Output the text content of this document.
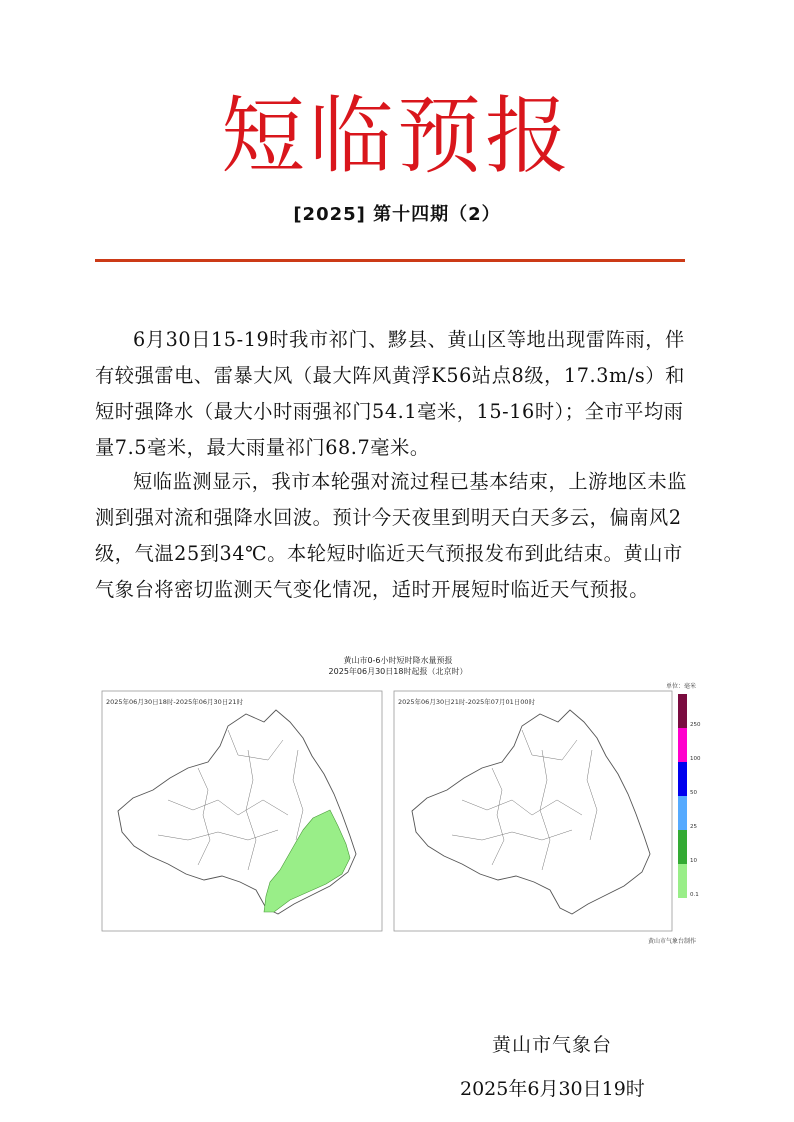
短临预报
[2025] 第十四期（2）

6月30日15-19时我市祁门、黟县、黄山区等地出现雷阵雨，伴有较强雷电、雷暴大风（最大阵风黄浮K56站点8级，17.3m/s）和短时强降水（最大小时雨强祁门54.1毫米，15-16时）；全市平均雨量7.5毫米，最大雨量祁门68.7毫米。

短临监测显示，我市本轮强对流过程已基本结束，上游地区未监测到强对流和强降水回波。预计今天夜里到明天白天多云，偏南风2级，气温25到34℃。本轮短时临近天气预报发布到此结束。黄山市气象台将密切监测天气变化情况，适时开展短时临近天气预报。

黄山市0-6小时短时降水量预报
2025年06月30日18时起报（北京时）
2025年06月30日18时-2025年06月30日21时	2025年06月30日21时-2025年07月01日00时
单位：毫米
250
100
50
25
10
0.1
黄山市气象台制作
黄山市气象台
2025年6月30日19时
